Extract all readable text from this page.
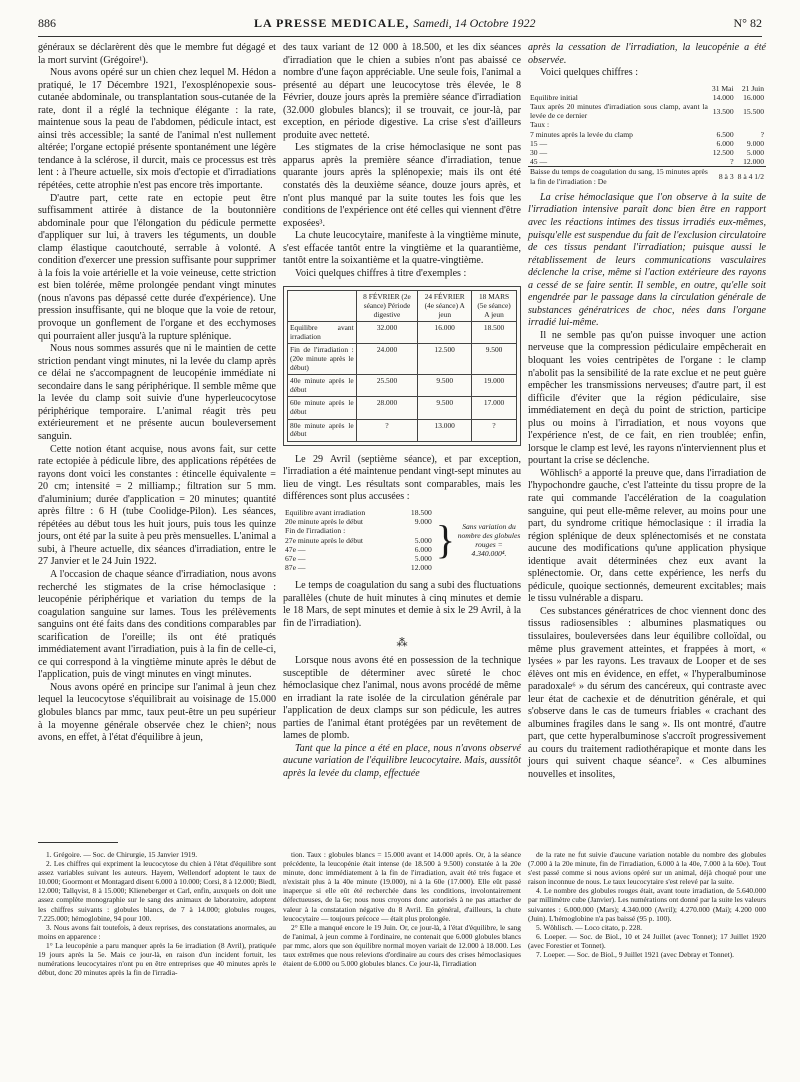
886	LA PRESSE MEDICALE, Samedi, 14 Octobre 1922	N° 82

généraux se déclarèrent dès que le membre fut dégagé et la mort survint (Grégoire¹).

Nous avons opéré sur un chien chez lequel M. Hédon a pratiqué, le 17 Décembre 1921, l'exosplénopexie sous-cutanée abdominale, ou transplantation sous-cutanée de la rate, dont il a réglé la technique élégante : la rate, maintenue sous la peau de l'abdomen, pédicule intact, est ainsi très accessible; la santé de l'animal n'est nullement altérée; l'organe ectopié présente spontanément une légère tendance à la sclérose, il durcit, mais ce processus est très lent : à l'heure actuelle, six mois d'ectopie et d'irradiations répétées, cette atrophie n'est pas encore très importante.

D'autre part, cette rate en ectopie peut être suffisamment attirée à distance de la boutonnière abdominale pour que l'élongation du pédicule permette d'appliquer sur lui, à travers les téguments, un double clamp élastique caoutchouté, serrable à volonté. A condition d'exercer une pression suffisante pour supprimer à la fois la voie artérielle et la voie veineuse, cette striction est bien tolérée, même prolongée pendant vingt minutes (nous n'avons pas dépassé cette durée d'expérience). Une pression insuffisante, qui ne bloque que la voie de retour, provoque un gonflement de l'organe et des ecchymoses qui pourraient aller jusqu'à la rupture splénique.

Nous nous sommes assurés que ni le maintien de cette striction pendant vingt minutes, ni la levée du clamp après ce délai ne s'accompagnent de leucopénie immédiate ni secondaire dans le sang périphérique. Il semble même que la levée du clamp soit suivie d'une hyperleucocytose périphérique temporaire. L'animal réagit très peu extérieurement et ne présente aucun bouleversement sanguin.

Cette notion étant acquise, nous avons fait, sur cette rate ectopiée à pédicule libre, des applications répétées de rayons dont voici les constantes : étincelle équivalente = 20 cm; intensité = 2 milliamp.; filtration sur 5 mm. d'aluminium; durée d'application = 20 minutes; quantité après filtre : 6 H (tube Coolidge-Pilon). Les séances, répétées au début tous les huit jours, puis tous les quinze jours, ont été par la suite à peu près mensuelles. L'animal a subi, à l'heure actuelle, dix séances d'irradiation, entre le 27 Janvier et le 24 Juin 1922.

A l'occasion de chaque séance d'irradiation, nous avons recherché les stigmates de la crise hémoclasique : leucopénie périphérique et variation du temps de la coagulation sanguine sur lames. Tous les prélèvements sanguins ont été faits dans des conditions comparables par scarification de l'oreille; ils ont été pratiqués immédiatement avant l'irradiation, puis à la fin de celle-ci, ce qui correspond à la vingtième minute après le début de l'application, puis de vingt minutes en vingt minutes.

Nous avons opéré en principe sur l'animal à jeun chez lequel la leucocytose s'équilibrait au voisinage de 15.000 globules blancs par mmc, taux peut-être un peu supérieur à la moyenne générale observée chez le chien²; nous avons, en effet, à l'état d'équilibre à jeun,

des taux variant de 12 000 à 18.500, et les dix séances d'irradiation que le chien a subies n'ont pas abaissé ce nombre d'une façon appréciable. Une seule fois, l'animal a présenté au départ une leucocytose très élevée, le 8 Février, douze jours après la première séance d'irradiation (32.000 globules blancs); il se trouvait, ce jour-là, par exception, en période digestive. La crise s'est d'ailleurs produite avec netteté.

Les stigmates de la crise hémoclasique ne sont pas apparus après la première séance d'irradiation, tenue quarante jours après la splénopexie; mais ils ont été constatés dès la deuxième séance, douze jours après, et n'ont plus manqué par la suite toutes les fois que les conditions de l'expérience ont été celles qui viennent d'être exposées³.

La chute leucocytaire, manifeste à la vingtième minute, s'est effacée tantôt entre la vingtième et la quarantième, tantôt entre la soixantième et la quatre-vingtième.

Voici quelques chiffres à titre d'exemples :

	8 FÉVRIER (2e séance) Période digestive	24 FÉVRIER (4e séance) A jeun	18 MARS (5e séance) A jeun
Equilibre avant irradiation	32.000	16.000	18.500
Fin de l'irradiation : (20e minute après le début)	24.000	12.500	9.500
40e minute après le début	25.500	9.500	19.000
60e minute après le début	28.000	9.500	17.000
80e minute après le début	?	13.000	?

Le 29 Avril (septième séance), et par exception, l'irradiation a été maintenue pendant vingt-sept minutes au lieu de vingt. Les résultats sont comparables, mais les différences sont plus accusées :

Equilibre avant irradiation	18.500
20e minute après le début	9.000
Fin de l'irradiation :	
27e minute après le début	5.000
47e —	6.000
67e —	5.000
87e —	12.000
} Sans variation du nombre des globules rouges = 4.340.000⁴.

Le temps de coagulation du sang a subi des fluctuations parallèles (chute de huit minutes à cinq minutes et demie le 18 Mars, de sept minutes et demie à six le 29 Avril, à la fin de l'irradiation).

⁂

Lorsque nous avons été en possession de la technique susceptible de déterminer avec sûreté le choc hémoclasique chez l'animal, nous avons procédé de même en irradiant la rate isolée de la circulation générale par l'application de deux clamps sur son pédicule, les autres parties de l'animal étant protégées par un revêtement de lames de plomb.

Tant que la pince a été en place, nous n'avons observé aucune variation de l'équilibre leucocytaire. Mais, aussitôt après la levée du clamp, effectuée

après la cessation de l'irradiation, la leucopénie a été observée.

Voici quelques chiffres :

	31 Mai	21 Juin
Equilibre initial	14.000	16.000
Taux après 20 minutes d'irradiation sous clamp, avant la levée de ce dernier	13.500	15.500
Taux :		
7 minutes après la levée du clamp	6.500	?
15 —	6.000	9.000
30 —	12.500	5.000
45 —	?	12.000
Baisse du temps de coagulation du sang, 15 minutes après la fin de l'irradiation : De	8 à 3	8 à 4 1/2

La crise hémoclasique que l'on observe à la suite de l'irradiation intensive paraît donc bien être en rapport avec les réactions intimes des tissus irradiés eux-mêmes, puisqu'elle est suspendue du fait de l'exclusion circulatoire de ces tissus pendant l'irradiation; puisque aussi le rétablissement de leurs communications vasculaires déclenche la crise, même si l'action extérieure des rayons a cessé de se faire sentir. Il semble, en outre, qu'elle soit engendrée par le passage dans la circulation générale de substances génératrices de choc, nées dans l'organe irradié lui-même.

Il ne semble pas qu'on puisse invoquer une action nerveuse que la compression pédiculaire empêcherait en bloquant les voies centripètes de l'organe : le clamp n'abolit pas la sensibilité de la rate exclue et ne peut guère empêcher les transmissions nerveuses; d'autre part, il est difficile d'éviter que la région pédiculaire, sise immédiatement en deçà du point de striction, participe plus ou moins à l'irradiation, et nous voyons que l'expérience n'est, de ce fait, en rien troublée; enfin, lorsque le clamp est levé, les rayons n'interviennent plus et pourtant la crise se déclenche.

Wöhlisch⁵ a apporté la preuve que, dans l'irradiation de l'hypochondre gauche, c'est l'atteinte du tissu propre de la rate qui commande l'accélération de la coagulation sanguine, qui peut elle-même relever, au moins pour une part, du syndrome critique hémoclasique : il irradia la région splénique de deux splénectomisés et ne constata aucune des modifications qu'une application physique identique avait déterminées chez eux avant la splénectomie. Or, dans cette expérience, les nerfs du pédicule, quoique sectionnés, demeurent excitables; mais le tissu vulnérable a disparu.

Ces substances génératrices de choc viennent donc des tissus radiosensibles : albumines plasmatiques ou tissulaires, bouleversées dans leur équilibre colloïdal, ou même plus gravement atteintes, et frappées à mort, « lysées » par les rayons. Les travaux de Looper et de ses élèves ont mis en évidence, en effet, « l'hyperalbuminose paradoxale⁶ » du sérum des cancéreux, qui contraste avec leur état de cachexie et de dénutrition générale, et qui s'observe dans le cas de tumeurs friables « crachant des albumines fragiles dans le sang ». Ils ont montré, d'autre part, que cette hyperalbuminose s'accroît progressivement au cours du traitement radiothérapique et monte dans les jours qui suivent chaque séance⁷. « Ces albumines nouvelles et insolites,

1. Grégoire. — Soc. de Chirurgie, 15 Janvier 1919.

2. Les chiffres qui expriment la leucocytose du chien à l'état d'équilibre sont assez variables suivant les auteurs. Hayem, Wellendorf adoptent le taux de 10.000; Goormont et Montagard disent 6.000 à 10.000; Corsi, 8 à 12.000; Biedl, 12.000; Tallqvist, 8 à 15.000; Klieneberger et Carl, enfin, auxquels on doit une assez complète monographie sur le sang des animaux de laboratoire, adoptent les chiffres suivants : globules blancs, de 7 à 14.000; globules rouges, 7.225.000; hémoglobine, 94 pour 100.

3. Nous avons fait toutefois, à deux reprises, des constatations anormales, au moins en apparence :

1° La leucopénie a paru manquer après la 6e irradiation (8 Avril), pratiquée 19 jours après la 5e. Mais ce jour-là, en raison d'un incident fortuit, les numérations leucocytaires n'ont pu en être entreprises que 40 minutes après le début, donc 20 minutes après la fin de l'irradia-

tion. Taux : globules blancs = 15.000 avant et 14.000 après. Or, à la séance précédente, la leucopénie était intense (de 18.500 à 9.500) constatée à la 20e minute, donc immédiatement à la fin de l'irradiation, avait été très fugace et n'existait plus à la 40e minute (19.000), ni à la 60e (17.000). Elle eût passé inaperçue si elle eût été recherchée dans les conditions, involontairement défectueuses, de la 6e; nous nous croyons donc autorisés à ne pas attacher de valeur à la constatation négative du 8 Avril. En général, d'ailleurs, la chute leucocytaire — toujours précoce — était plus prolongée.

2° Elle a manqué encore le 19 Juin. Or, ce jour-là, à l'état d'équilibre, le sang de l'animal, à jeun comme à l'ordinaire, ne contenait que 6.000 globules blancs par mmc, alors que son équilibre normal moyen variait de 12.000 à 18.000. Les taux extrêmes que nous relevions d'ordinaire au cours des crises hémoclasiques étaient de 6.000 ou 5.000 globules blancs. Ce jour-là, l'irradiation

de la rate ne fut suivie d'aucune variation notable du nombre des globules (7.000 à la 20e minute, fin de l'irradiation, 6.000 à la 40e, 7.000 à la 60e). Tout s'est passé comme si nous avions opéré sur un animal, déjà choqué pour une raison inconnue de nous. Le taux leucocytaire s'est relevé par la suite.

4. Le nombre des globules rouges était, avant toute irradiation, de 5.640.000 par millimètre cube (Janvier). Les numérations ont donné par la suite les valeurs suivantes : 6.000.000 (Mars); 4.340.000 (Avril); 4.270.000 (Mai); 4.200 000 (Juin). L'hémoglobine n'a pas baissé (95 p. 100).

5. Wöhlisch. — Loco citato, p. 228.

6. Loeper. — Soc. de Biol., 10 et 24 Juillet (avec Tonnet); 17 Juillet 1920 (avec Forestier et Tonnet).

7. Loeper. — Soc. de Biol., 9 Juillet 1921 (avec Debray et Tonnet).
